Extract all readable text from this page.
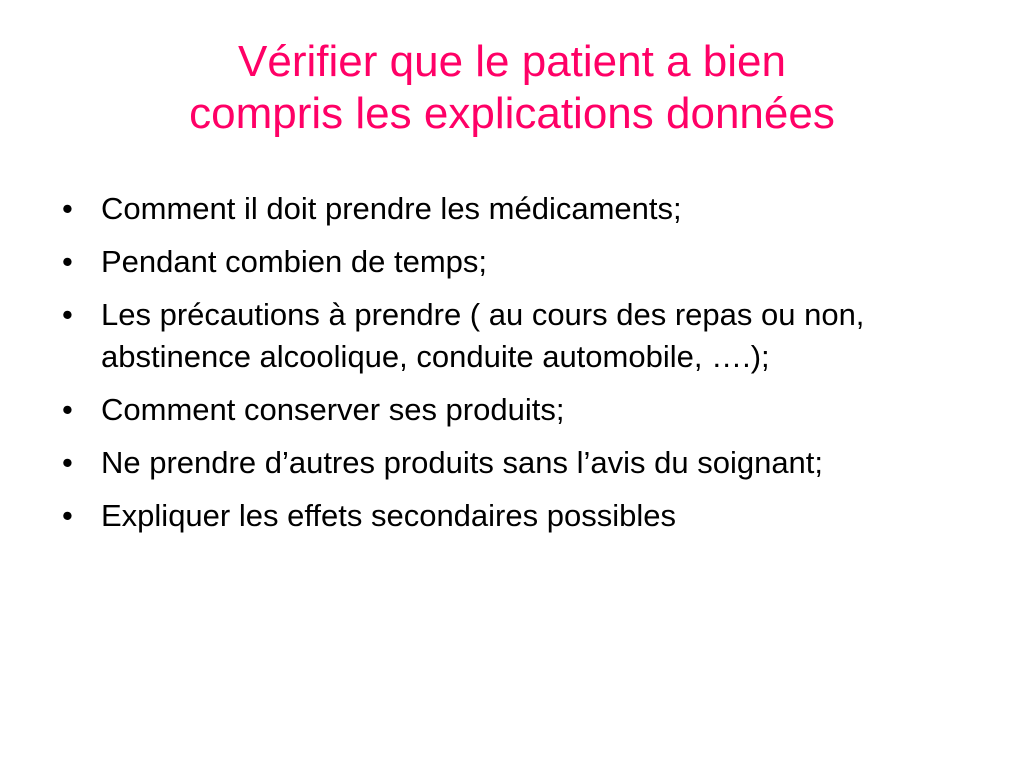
Vérifier que le patient a bien
compris les explications données
• Comment il doit prendre les médicaments;
• Pendant combien de temps;
• Les précautions à prendre ( au cours des repas ou non, abstinence alcoolique, conduite automobile, ….);
• Comment conserver ses produits;
• Ne prendre d’autres produits sans l’avis du soignant;
• Expliquer les effets secondaires possibles
